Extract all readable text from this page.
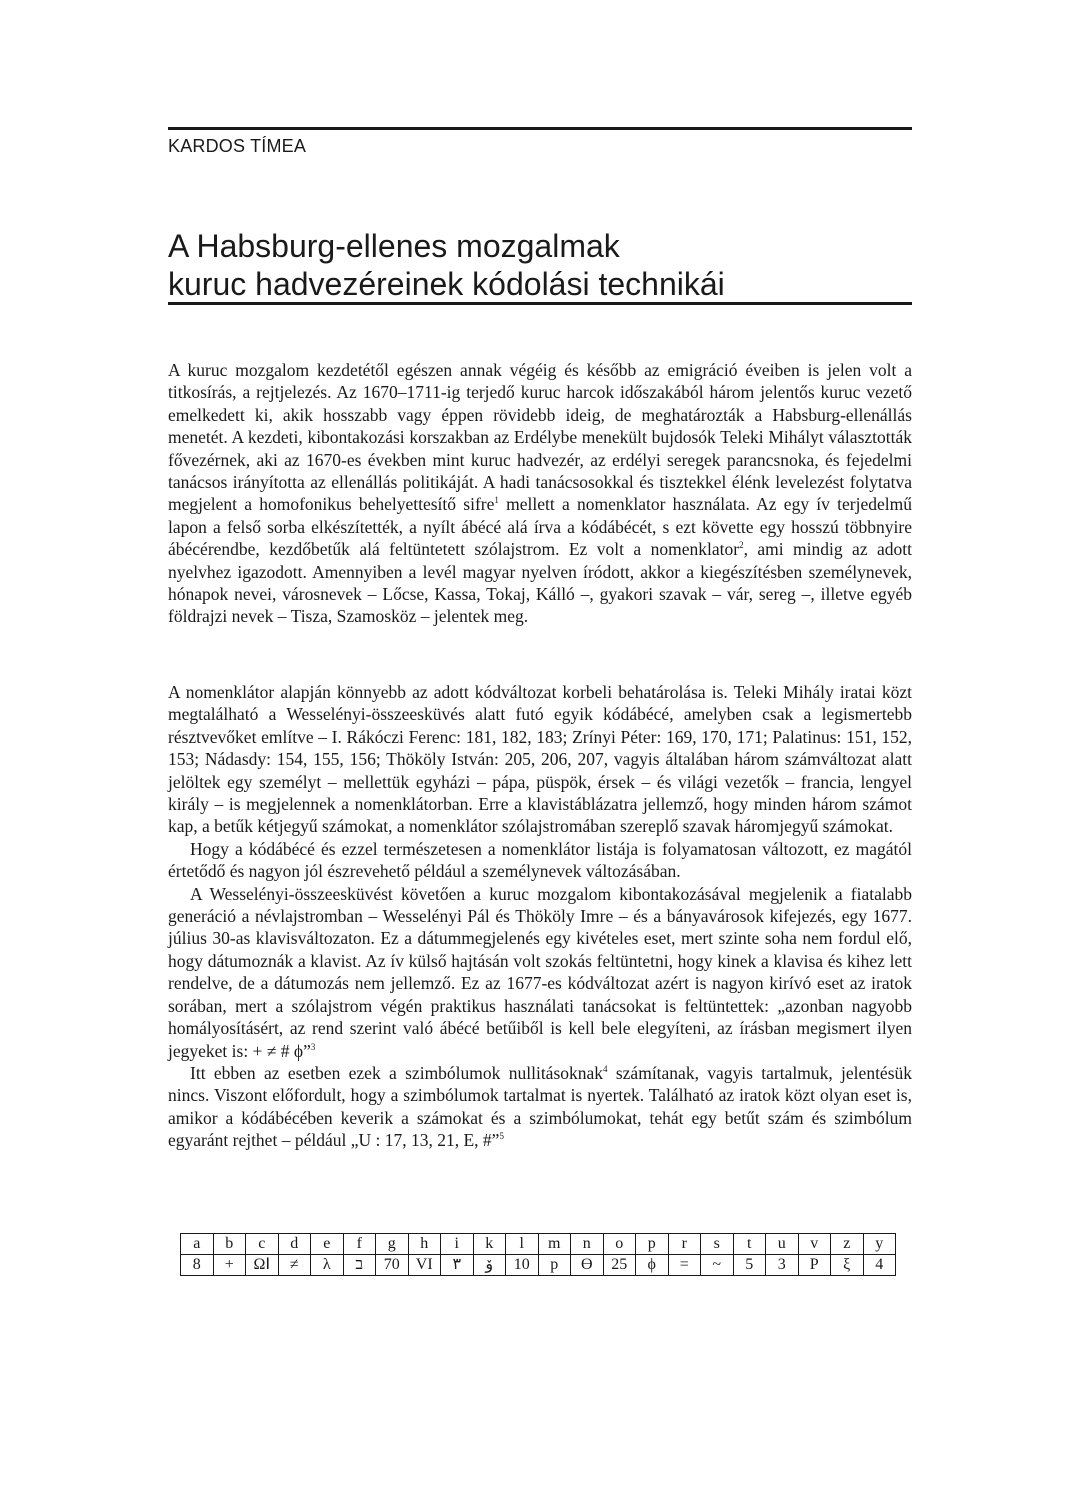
KARDOS TÍMEA
A Habsburg-ellenes mozgalmak
kuruc hadvezéreinek kódolási technikái

A kuruc mozgalom kezdetétől egészen annak végéig és később az emigráció éveiben is jelen volt a titkosírás, a rejtjelezés. Az 1670–1711-ig terjedő kuruc harcok időszakából három jelentős kuruc vezető emelkedett ki, akik hosszabb vagy éppen rövidebb ideig, de meghatározták a Habsburg-ellenállás menetét. A kezdeti, kibontakozási korszakban az Erdélybe menekült bujdosók Teleki Mihályt választották fővezérnek, aki az 1670-es években mint kuruc hadvezér, az erdélyi seregek parancsnoka, és fejedelmi tanácsos irányította az ellenállás politikáját. A hadi tanácsosokkal és tisztekkel élénk levelezést folytatva megjelent a homofonikus behelyettesítő sifre$^1$ mellett a nomenklator használata. Az egy ív terjedelmű lapon a felső sorba elkészítették, a nyílt ábécé alá írva a kódábécét, s ezt követte egy hosszú többnyire ábécérendbe, kezdőbetűk alá feltüntetett szólajstrom. Ez volt a nomenklator$^2$, ami mindig az adott nyelvhez igazodott. Amennyiben a levél magyar nyelven íródott, akkor a kiegészítésben személynevek, hónapok nevei, városnevek – Lőcse, Kassa, Tokaj, Kálló –, gyakori szavak – vár, sereg –, illetve egyéb földrajzi nevek – Tisza, Szamosköz – jelentek meg.

A nomenklátor alapján könnyebb az adott kódváltozat korbeli behatárolása is. Teleki Mihály iratai közt megtalálható a Wesselényi-összeesküvés alatt futó egyik kódábécé, amelyben csak a legismertebb résztvevőket említve – I. Rákóczi Ferenc: 181, 182, 183; Zrínyi Péter: 169, 170, 171; Palatinus: 151, 152, 153; Nádasdy: 154, 155, 156; Thököly István: 205, 206, 207, vagyis általában három számváltozat alatt jelöltek egy személyt – mellettük egyházi – pápa, püspök, érsek – és világi vezetők – francia, lengyel király – is megjelennek a nomenklátorban. Erre a klavistáblázatra jellemző, hogy minden három számot kap, a betűk kétjegyű számokat, a nomenklátor szólajstromában szereplő szavak háromjegyű számokat.

Hogy a kódábécé és ezzel természetesen a nomenklátor listája is folyamatosan változott, ez magától értetődő és nagyon jól észrevehető például a személynevek változásában.

A Wesselényi-összeesküvést követően a kuruc mozgalom kibontakozásával megjelenik a fiatalabb generáció a névlajstromban – Wesselényi Pál és Thököly Imre – és a bányavárosok kifejezés, egy 1677. július 30-as klavisváltozaton. Ez a dátummegjelenés egy kivételes eset, mert szinte soha nem fordul elő, hogy dátumoznák a klavist. Az ív külső hajtásán volt szokás feltüntetni, hogy kinek a klavisa és kihez lett rendelve, de a dátumozás nem jellemző. Ez az 1677-es kódváltozat azért is nagyon kirívó eset az iratok sorában, mert a szólajstrom végén praktikus használati tanácsokat is feltüntettek: „azonban nagyobb homályosításért, az rend szerint való ábécé betűiből is kell bele elegyíteni, az írásban megismert ilyen jegyeket is: + ≠ # ϕ”$^3$

Itt ebben az esetben ezek a szimbólumok nullitásoknak$^4$ számítanak, vagyis tartalmuk, jelentésük nincs. Viszont előfordult, hogy a szimbólumok tartalmat is nyertek. Található az iratok közt olyan eset is, amikor a kódábécében keverik a számokat és a szimbólumokat, tehát egy betűt szám és szimbólum egyaránt rejthet – például „U : 17, 13, 21, E, #”$^5$

a	b	c	d	e	f	g	h	i	k	l	m	n	o	p	r	s	t	u	v	z	y
8	+	ΩⅠ	≠	λ	ב	70	VI	٣	ۆ	10	p	ϴ	25	ϕ	=	~	5	3	P	ξ	4
